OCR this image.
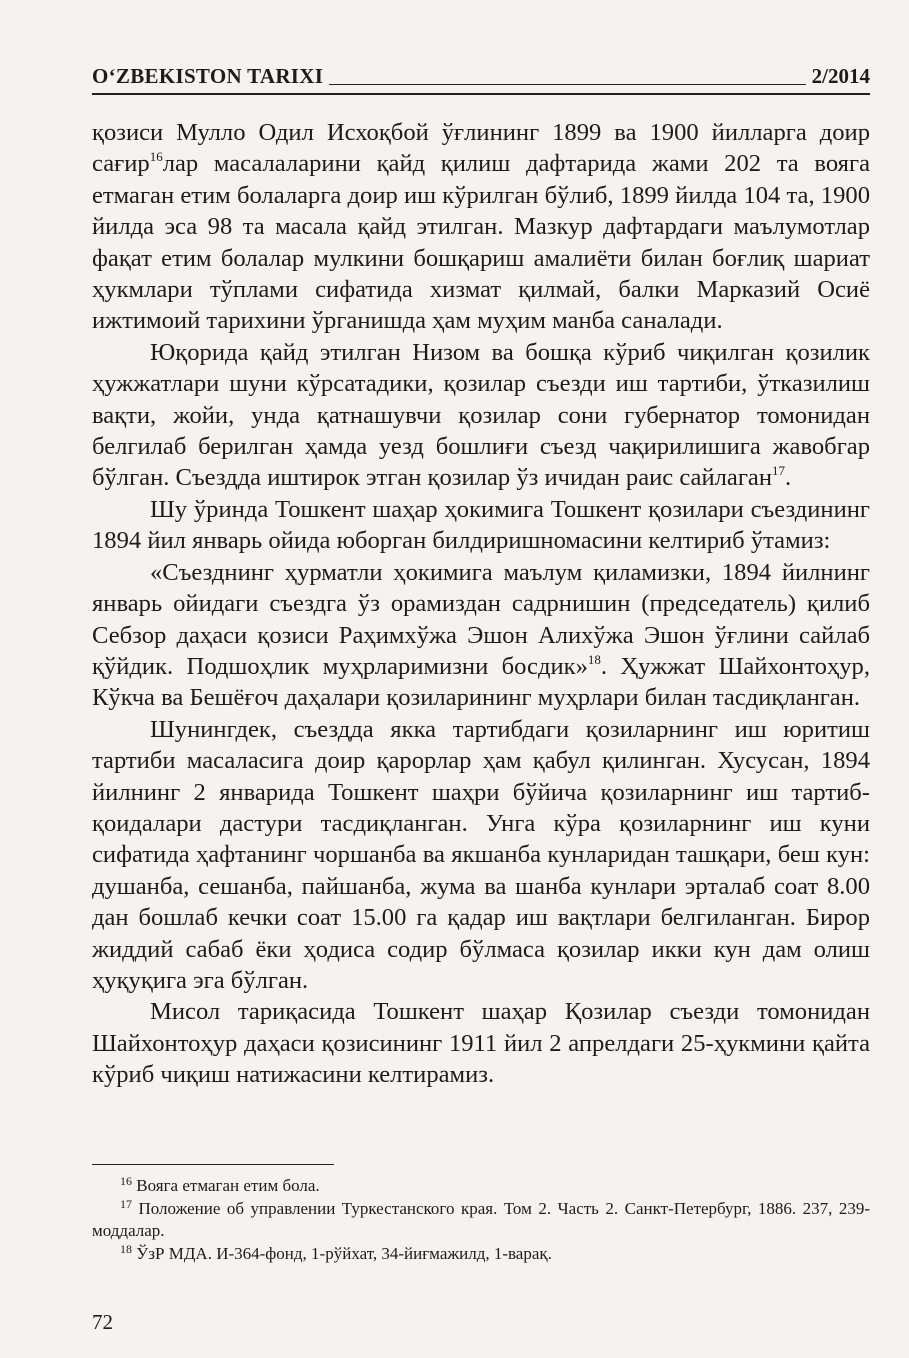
O‘ZBEKISTON TARIXI	2/2014

қозиси Мулло Одил Исхоқбой ўғлининг 1899 ва 1900 йилларга доир сағир$^{16}$лар масалаларини қайд қилиш дафтарида жами 202 та вояга етмаган етим болаларга доир иш кўрилган бўлиб, 1899 йилда 104 та, 1900 йилда эса 98 та масала қайд этилган. Мазкур дафтардаги маълумотлар фақат етим болалар мулкини бошқариш амалиёти билан боғлиқ шариат ҳукмлари тўплами сифатида хизмат қилмай, балки Марказий Осиё ижтимоий тарихини ўрганишда ҳам муҳим манба саналади.

Юқорида қайд этилган Низом ва бошқа кўриб чиқилган қозилик ҳужжатлари шуни кўрсатадики, қозилар съезди иш тартиби, ўтказилиш вақти, жойи, унда қатнашувчи қозилар сони губернатор томонидан белгилаб берилган ҳамда уезд бошлиғи съезд чақирилишига жавобгар бўлган. Съездда иштирок этган қозилар ўз ичидан раис сайлаган$^{17}$.

Шу ўринда Тошкент шаҳар ҳокимига Тошкент қозилари съездининг 1894 йил январь ойида юборган билдиришномасини келтириб ўтамиз:

«Съезднинг ҳурматли ҳокимига маълум қиламизки, 1894 йилнинг январь ойидаги съездга ўз орамиздан садрнишин (председатель) қилиб Себзор даҳаси қозиси Раҳимхўжа Эшон Алихўжа Эшон ўғлини сайлаб қўйдик. Подшоҳлик муҳрларимизни босдик»$^{18}$. Ҳужжат Шайхонтоҳур, Кўкча ва Бешёғоч даҳалари қозиларининг муҳрлари билан тасдиқланган.

Шунингдек, съездда якка тартибдаги қозиларнинг иш юритиш тартиби масаласига доир қарорлар ҳам қабул қилинган. Хусусан, 1894 йилнинг 2 январида Тошкент шаҳри бўйича қозиларнинг иш тартиб-қоидалари дастури тасдиқланган. Унга кўра қозиларнинг иш куни сифатида ҳафтанинг чоршанба ва якшанба кунларидан ташқари, беш кун: душанба, сешанба, пайшанба, жума ва шанба кунлари эрталаб соат 8.00 дан бошлаб кечки соат 15.00 га қадар иш вақтлари белгиланган. Бирор жиддий сабаб ёки ҳодиса содир бўлмаса қозилар икки кун дам олиш ҳуқуқига эга бўлган.

Мисол тариқасида Тошкент шаҳар Қозилар съезди томонидан Шайхонтоҳур даҳаси қозисининг 1911 йил 2 апрелдаги 25-ҳукмини қайта кўриб чиқиш натижасини келтирамиз.

$^{16}$ Вояга етмаган етим бола.

$^{17}$ Положение об управлении Туркестанского края. Том 2. Часть 2. Санкт-Петербург, 1886. 237, 239-моддалар.

$^{18}$ ЎзР МДА. И-364-фонд, 1-рўйхат, 34-йиғмажилд, 1-варақ.

72
